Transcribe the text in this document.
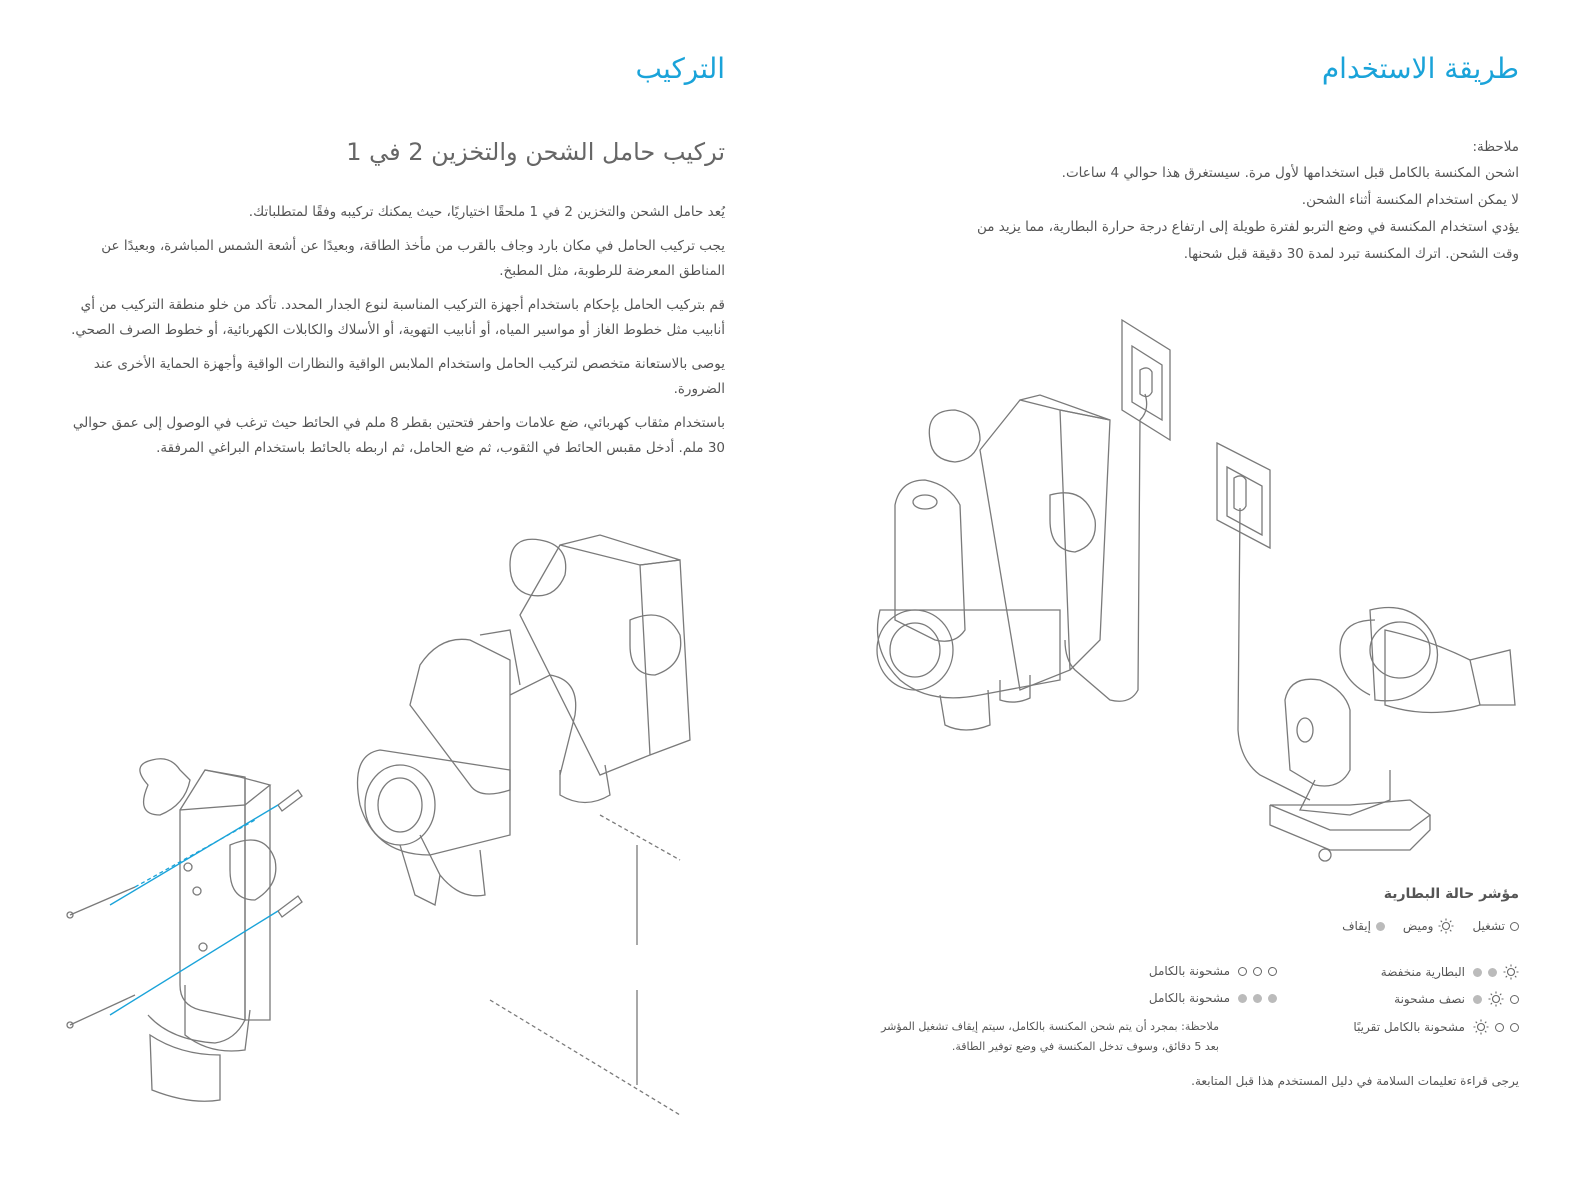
التركيب
تركيب حامل الشحن والتخزين 2 في 1

يُعد حامل الشحن والتخزين 2 في 1 ملحقًا اختياريًا، حيث يمكنك تركيبه وفقًا لمتطلباتك.

يجب تركيب الحامل في مكان بارد وجاف بالقرب من مأخذ الطاقة، وبعيدًا عن أشعة الشمس المباشرة، وبعيدًا عن المناطق المعرضة للرطوبة، مثل المطبخ.

قم بتركيب الحامل بإحكام باستخدام أجهزة التركيب المناسبة لنوع الجدار المحدد. تأكد من خلو منطقة التركيب من أي أنابيب مثل خطوط الغاز أو مواسير المياه، أو أنابيب التهوية، أو الأسلاك والكابلات الكهربائية، أو خطوط الصرف الصحي.

يوصى بالاستعانة متخصص لتركيب الحامل واستخدام الملابس الواقية والنظارات الواقية وأجهزة الحماية الأخرى عند الضرورة.

باستخدام مثقاب كهربائي، ضع علامات واحفر فتحتين بقطر 8 ملم في الحائط حيث ترغب في الوصول إلى عمق حوالي 30 ملم. أدخل مقبس الحائط في الثقوب، ثم ضع الحامل، ثم اربطه بالحائط باستخدام البراغي المرفقة.

طريقة الاستخدام

ملاحظة:

اشحن المكنسة بالكامل قبل استخدامها لأول مرة. سيستغرق هذا حوالي 4 ساعات.

لا يمكن استخدام المكنسة أثناء الشحن.

يؤدي استخدام المكنسة في وضع التربو لفترة طويلة إلى ارتفاع درجة حرارة البطارية، مما يزيد من

وقت الشحن. اترك المكنسة تبرد لمدة 30 دقيقة قبل شحنها.

مؤشر حالة البطارية
تشغيل
وميض
إيقاف
البطارية منخفضة
نصف مشحونة
مشحونة بالكامل تقريبًا
مشحونة بالكامل
مشحونة بالكامل
ملاحظة: بمجرد أن يتم شحن المكنسة بالكامل، سيتم إيقاف تشغيل المؤشر بعد 5 دقائق، وسوف تدخل المكنسة في وضع توفير الطاقة.
يرجى قراءة تعليمات السلامة في دليل المستخدم هذا قبل المتابعة.
